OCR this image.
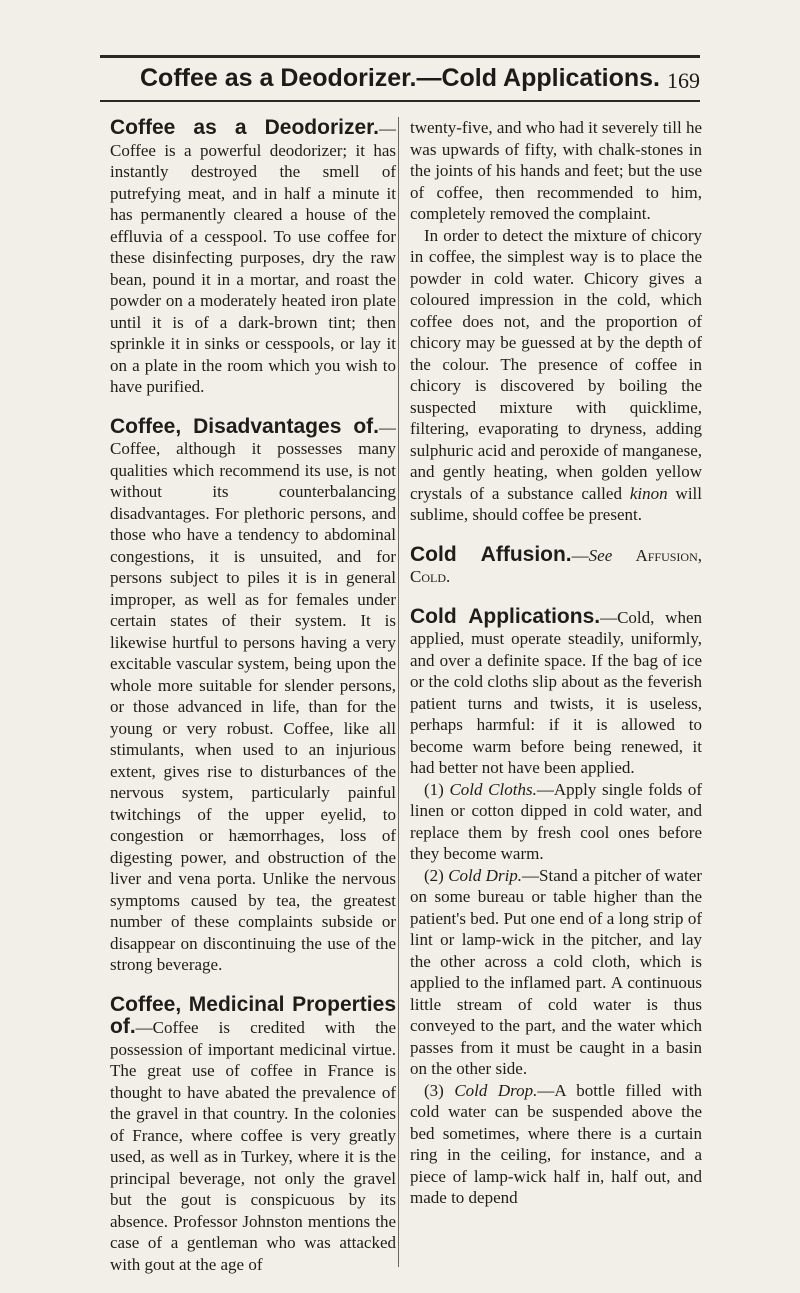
Coffee as a Deodorizer.—Cold Applications. 169

Coffee as a Deodorizer.—Coffee is a powerful deodorizer; it has instantly destroyed the smell of putrefying meat, and in half a minute it has permanently cleared a house of the effluvia of a cesspool. To use coffee for these disinfecting purposes, dry the raw bean, pound it in a mortar, and roast the powder on a moderately heated iron plate until it is of a dark-brown tint; then sprinkle it in sinks or cesspools, or lay it on a plate in the room which you wish to have purified.

Coffee, Disadvantages of.—Coffee, although it possesses many qualities which recommend its use, is not without its counterbalancing disadvantages. For plethoric persons, and those who have a tendency to abdominal congestions, it is unsuited, and for persons subject to piles it is in general improper, as well as for females under certain states of their system. It is likewise hurtful to persons having a very excitable vascular system, being upon the whole more suitable for slender persons, or those advanced in life, than for the young or very robust. Coffee, like all stimulants, when used to an injurious extent, gives rise to disturbances of the nervous system, particularly painful twitchings of the upper eyelid, to congestion or hæmorrhages, loss of digesting power, and obstruction of the liver and vena porta. Unlike the nervous symptoms caused by tea, the greatest number of these complaints subside or disappear on discontinuing the use of the strong beverage.

Coffee, Medicinal Properties of.—Coffee is credited with the possession of important medicinal virtue. The great use of coffee in France is thought to have abated the prevalence of the gravel in that country. In the colonies of France, where coffee is very greatly used, as well as in Turkey, where it is the principal beverage, not only the gravel but the gout is conspicuous by its absence. Professor Johnston mentions the case of a gentleman who was attacked with gout at the age of

twenty-five, and who had it severely till he was upwards of fifty, with chalk-stones in the joints of his hands and feet; but the use of coffee, then recommended to him, completely removed the complaint.

In order to detect the mixture of chicory in coffee, the simplest way is to place the powder in cold water. Chicory gives a coloured impression in the cold, which coffee does not, and the proportion of chicory may be guessed at by the depth of the colour. The presence of coffee in chicory is discovered by boiling the suspected mixture with quicklime, filtering, evaporating to dryness, adding sulphuric acid and peroxide of manganese, and gently heating, when golden yellow crystals of a substance called kinon will sublime, should coffee be present.

Cold Affusion.—See Affusion, Cold.

Cold Applications.—Cold, when applied, must operate steadily, uniformly, and over a definite space. If the bag of ice or the cold cloths slip about as the feverish patient turns and twists, it is useless, perhaps harmful: if it is allowed to become warm before being renewed, it had better not have been applied.

(1) Cold Cloths.—Apply single folds of linen or cotton dipped in cold water, and replace them by fresh cool ones before they become warm.

(2) Cold Drip.—Stand a pitcher of water on some bureau or table higher than the patient's bed. Put one end of a long strip of lint or lamp-wick in the pitcher, and lay the other across a cold cloth, which is applied to the inflamed part. A continuous little stream of cold water is thus conveyed to the part, and the water which passes from it must be caught in a basin on the other side.

(3) Cold Drop.—A bottle filled with cold water can be suspended above the bed sometimes, where there is a curtain ring in the ceiling, for instance, and a piece of lamp-wick half in, half out, and made to depend
